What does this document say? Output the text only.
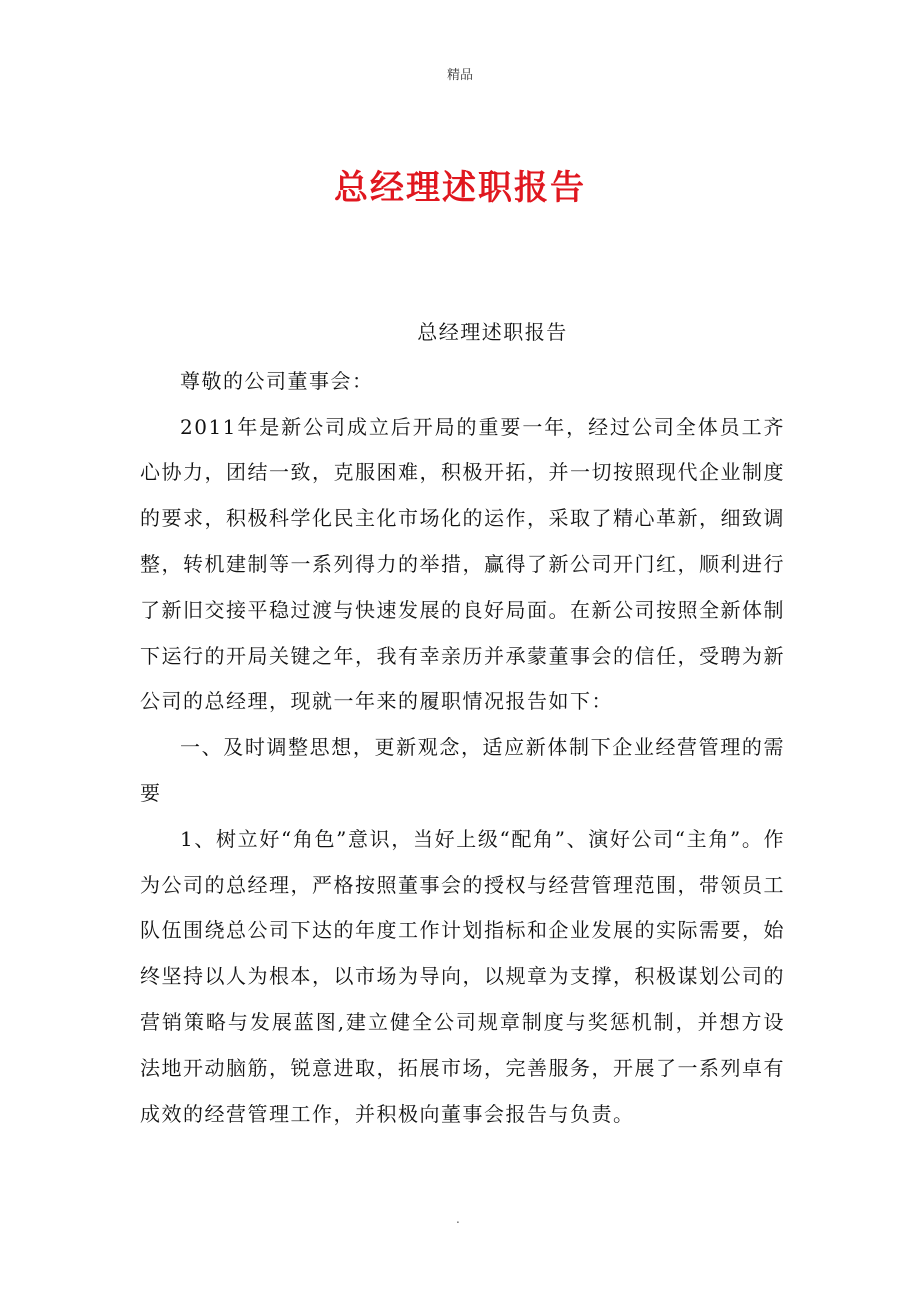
精品
总经理述职报告

总经理述职报告

尊敬的公司董事会：

2011年是新公司成立后开局的重要一年，经过公司全体员工齐心协力，团结一致，克服困难，积极开拓，并一切按照现代企业制度的要求，积极科学化民主化市场化的运作，采取了精心革新，细致调整，转机建制等一系列得力的举措，赢得了新公司开门红，顺利进行了新旧交接平稳过渡与快速发展的良好局面。在新公司按照全新体制下运行的开局关键之年，我有幸亲历并承蒙董事会的信任，受聘为新公司的总经理，现就一年来的履职情况报告如下：

一、及时调整思想，更新观念，适应新体制下企业经营管理的需要

1、树立好“角色”意识，当好上级“配角”、演好公司“主角”。作为公司的总经理，严格按照董事会的授权与经营管理范围，带领员工队伍围绕总公司下达的年度工作计划指标和企业发展的实际需要，始终坚持以人为根本，以市场为导向，以规章为支撑，积极谋划公司的营销策略与发展蓝图,建立健全公司规章制度与奖惩机制，并想方设法地开动脑筋，锐意进取，拓展市场，完善服务，开展了一系列卓有成效的经营管理工作，并积极向董事会报告与负责。

.
